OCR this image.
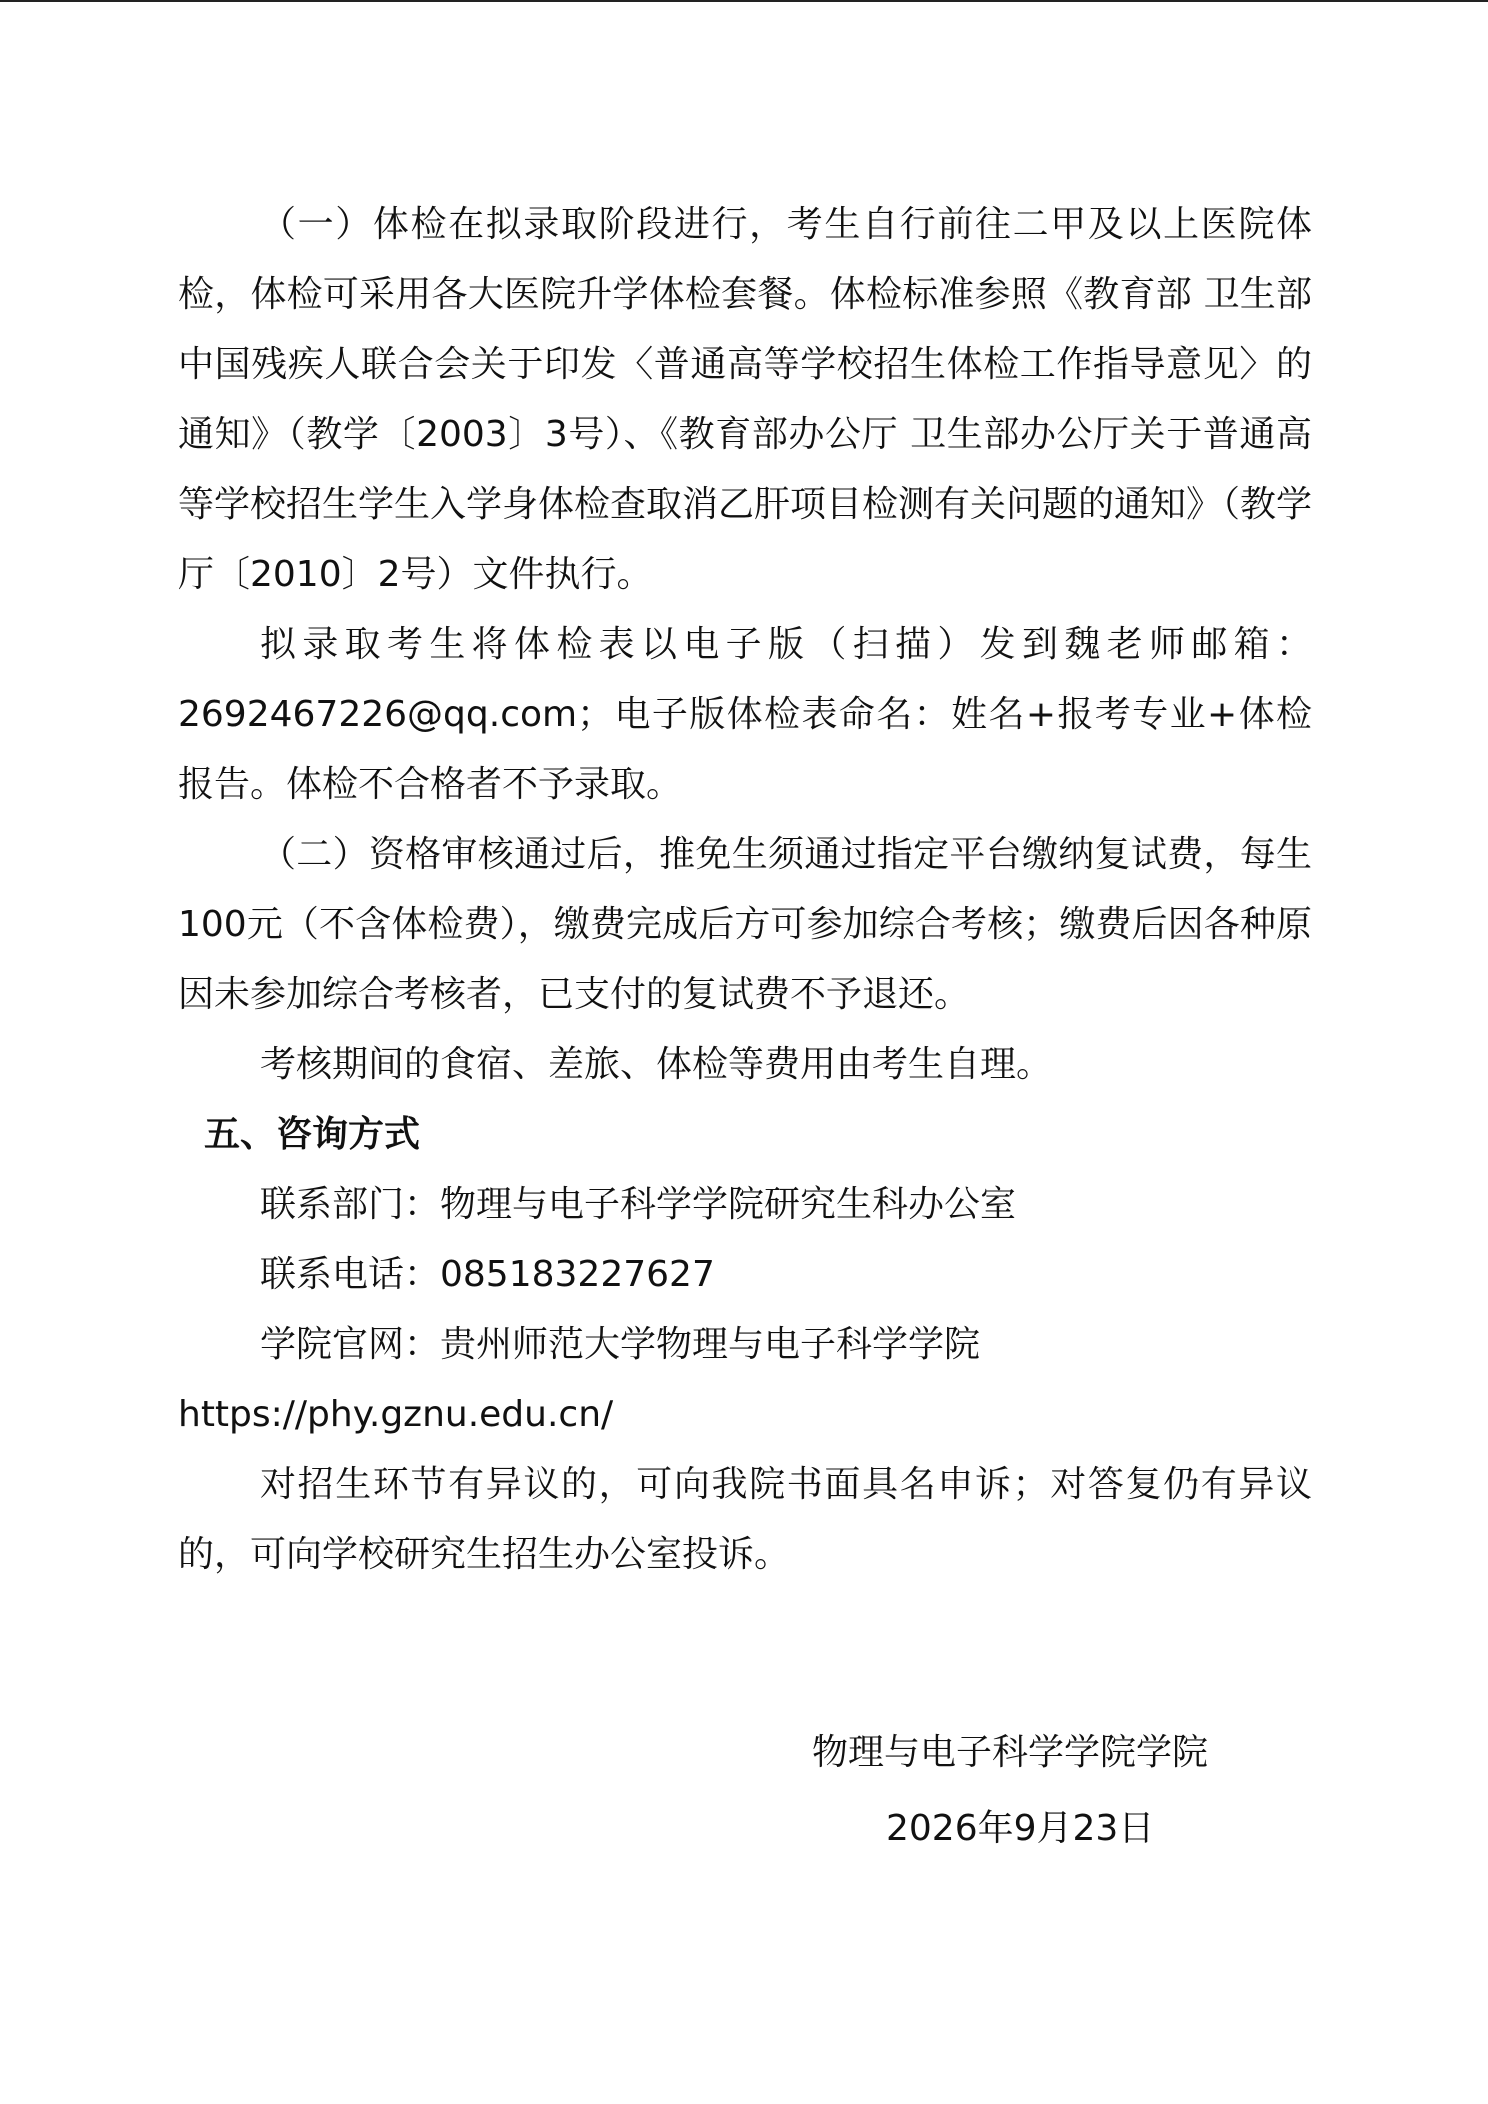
（一）体检在拟录取阶段进行，考生自行前往二甲及以上医院体检，体检可采用各大医院升学体检套餐。体检标准参照《教育部 卫生部 中国残疾人联合会关于印发〈普通高等学校招生体检工作指导意见〉的通知》（教学〔2003〕3号）、《教育部办公厅 卫生部办公厅关于普通高等学校招生学生入学身体检查取消乙肝项目检测有关问题的通知》（教学厅〔2010〕2号）文件执行。

拟录取考生将体检表以电子版（扫描）发到魏老师邮箱：2692467226@qq.com；电子版体检表命名：姓名+报考专业+体检报告。体检不合格者不予录取。

（二）资格审核通过后，推免生须通过指定平台缴纳复试费，每生100元（不含体检费），缴费完成后方可参加综合考核；缴费后因各种原因未参加综合考核者，已支付的复试费不予退还。

考核期间的食宿、差旅、体检等费用由考生自理。

五、咨询方式

联系部门：物理与电子科学学院研究生科办公室

联系电话：085183227627

学院官网：贵州师范大学物理与电子科学学院

https://phy.gznu.edu.cn/

对招生环节有异议的，可向我院书面具名申诉；对答复仍有异议的，可向学校研究生招生办公室投诉。

物理与电子科学学院学院
2026年9月23日
